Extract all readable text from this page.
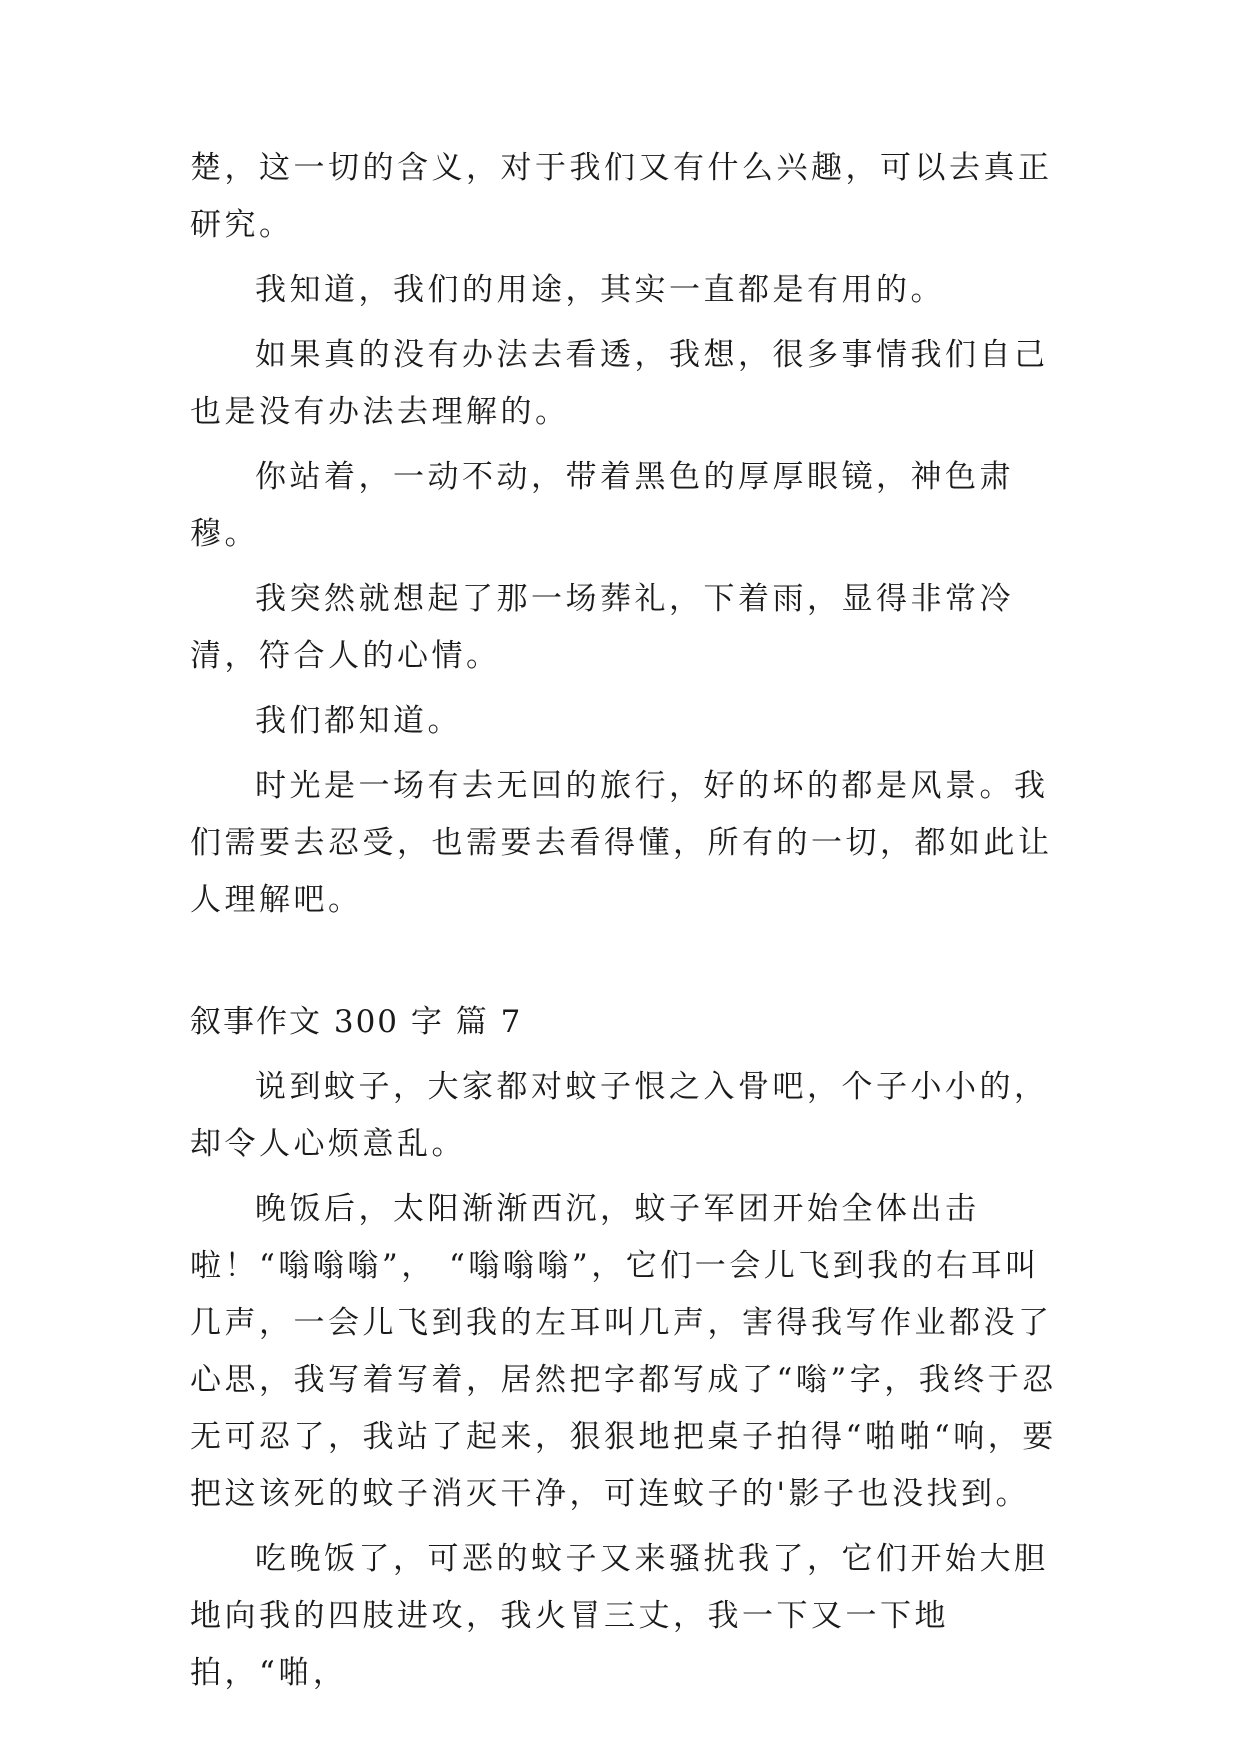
楚，这一切的含义，对于我们又有什么兴趣，可以去真正研究。

我知道，我们的用途，其实一直都是有用的。

如果真的没有办法去看透，我想，很多事情我们自己也是没有办法去理解的。

你站着，一动不动，带着黑色的厚厚眼镜，神色肃穆。

我突然就想起了那一场葬礼，下着雨，显得非常冷清，符合人的心情。

我们都知道。

时光是一场有去无回的旅行，好的坏的都是风景。我们需要去忍受，也需要去看得懂，所有的一切，都如此让人理解吧。

叙事作文 300 字 篇 7

说到蚊子，大家都对蚊子恨之入骨吧，个子小小的，却令人心烦意乱。

晚饭后，太阳渐渐西沉，蚊子军团开始全体出击啦！“嗡嗡嗡”， “嗡嗡嗡”，它们一会儿飞到我的右耳叫几声，一会儿飞到我的左耳叫几声，害得我写作业都没了心思，我写着写着，居然把字都写成了“嗡”字，我终于忍无可忍了，我站了起来，狠狠地把桌子拍得“啪啪“响，要把这该死的蚊子消灭干净，可连蚊子的'影子也没找到。

吃晚饭了，可恶的蚊子又来骚扰我了，它们开始大胆地向我的四肢进攻，我火冒三丈，我一下又一下地拍，“啪，
